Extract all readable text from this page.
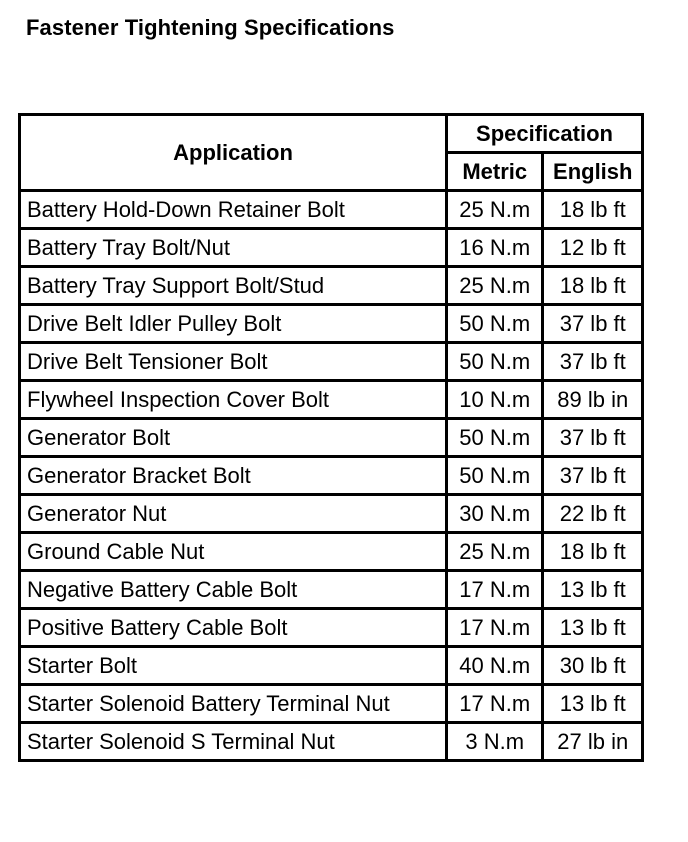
Fastener Tightening Specifications
Application	Specification	
	Metric	English
Battery Hold-Down Retainer Bolt	25 N.m	18 lb ft
Battery Tray Bolt/Nut	16 N.m	12 lb ft
Battery Tray Support Bolt/Stud	25 N.m	18 lb ft
Drive Belt Idler Pulley Bolt	50 N.m	37 lb ft
Drive Belt Tensioner Bolt	50 N.m	37 lb ft
Flywheel Inspection Cover Bolt	10 N.m	89 lb in
Generator Bolt	50 N.m	37 lb ft
Generator Bracket Bolt	50 N.m	37 lb ft
Generator Nut	30 N.m	22 lb ft
Ground Cable Nut	25 N.m	18 lb ft
Negative Battery Cable Bolt	17 N.m	13 lb ft
Positive Battery Cable Bolt	17 N.m	13 lb ft
Starter Bolt	40 N.m	30 lb ft
Starter Solenoid Battery Terminal Nut	17 N.m	13 lb ft
Starter Solenoid S Terminal Nut	3 N.m	27 lb in
